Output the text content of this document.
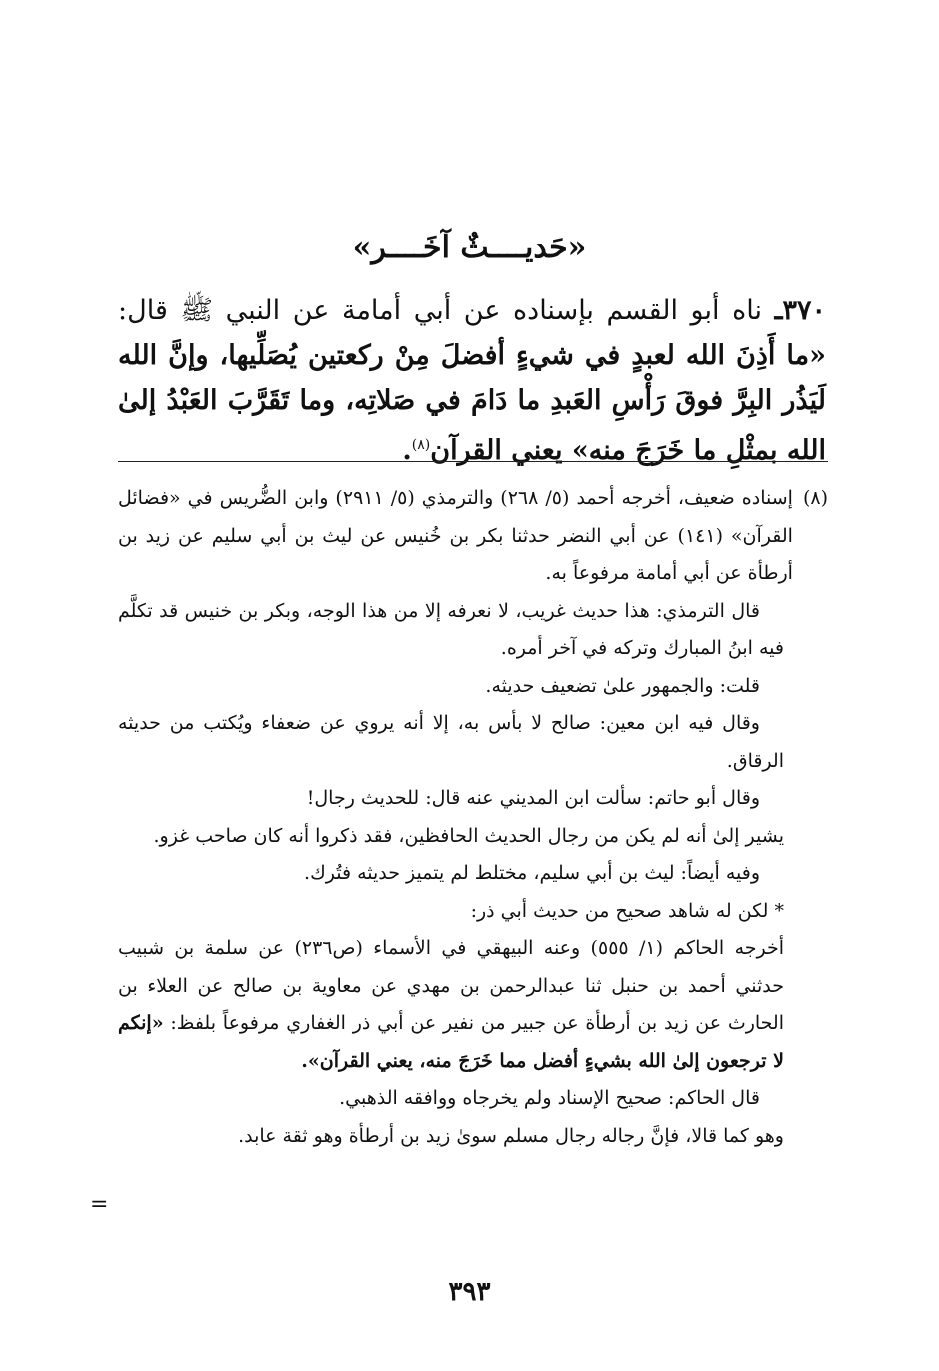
«حَديــــثٌ آخَــــر»
٣٧٠ـ ناه أبو القسم بإسناده عن أبي أمامة عن النبي ﷺ قال: «ما أَذِنَ الله لعبدٍ في شيءٍ أفضلَ مِنْ ركعتين يُصَلِّيها، وإنَّ الله لَيَذُر البِرَّ فوقَ رَأْسِ العَبدِ ما دَامَ في صَلاتِه، وما تَقَرَّبَ العَبْدُ إلىٰ الله بمثْلِ ما خَرَجَ منه» يعني القرآن$^{(٨)}$.

(٨)
إسناده ضعيف، أخرجه أحمد (٥/ ٢٦٨) والترمذي (٥/ ٢٩١١) وابن الضُّريس في «فضائل القرآن» (١٤١) عن أبي النضر حدثنا بكر بن خُنيس عن ليث بن أبي سليم عن زيد بن أرطأة عن أبي أمامة مرفوعاً به.

قال الترمذي: هذا حديث غريب، لا نعرفه إلا من هذا الوجه، وبكر بن خنيس قد تكلَّم فيه ابنُ المبارك وتركه في آخر أمره.

قلت: والجمهور علىٰ تضعيف حديثه.

وقال فيه ابن معين: صالح لا بأس به، إلا أنه يروي عن ضعفاء ويُكتب من حديثه الرقاق.

وقال أبو حاتم: سألت ابن المديني عنه قال: للحديث رجال!

يشير إلىٰ أنه لم يكن من رجال الحديث الحافظين، فقد ذكروا أنه كان صاحب غزو.

وفيه أيضاً: ليث بن أبي سليم، مختلط لم يتميز حديثه فتُرك.

* لكن له شاهد صحيح من حديث أبي ذر:

أخرجه الحاكم (١/ ٥٥٥) وعنه البيهقي في الأسماء (ص٢٣٦) عن سلمة بن شبيب حدثني أحمد بن حنبل ثنا عبدالرحمن بن مهدي عن معاوية بن صالح عن العلاء بن الحارث عن زيد بن أرطأة عن جبير من نفير عن أبي ذر الغفاري مرفوعاً بلفظ: «إنكم لا ترجعون إلىٰ الله بشيءٍ أفضل مما خَرَجَ منه، يعني القرآن».

قال الحاكم: صحيح الإسناد ولم يخرجاه ووافقه الذهبي.

وهو كما قالا، فإنَّ رجاله رجال مسلم سوىٰ زيد بن أرطأة وهو ثقة عابد.

=
٣٩٣
